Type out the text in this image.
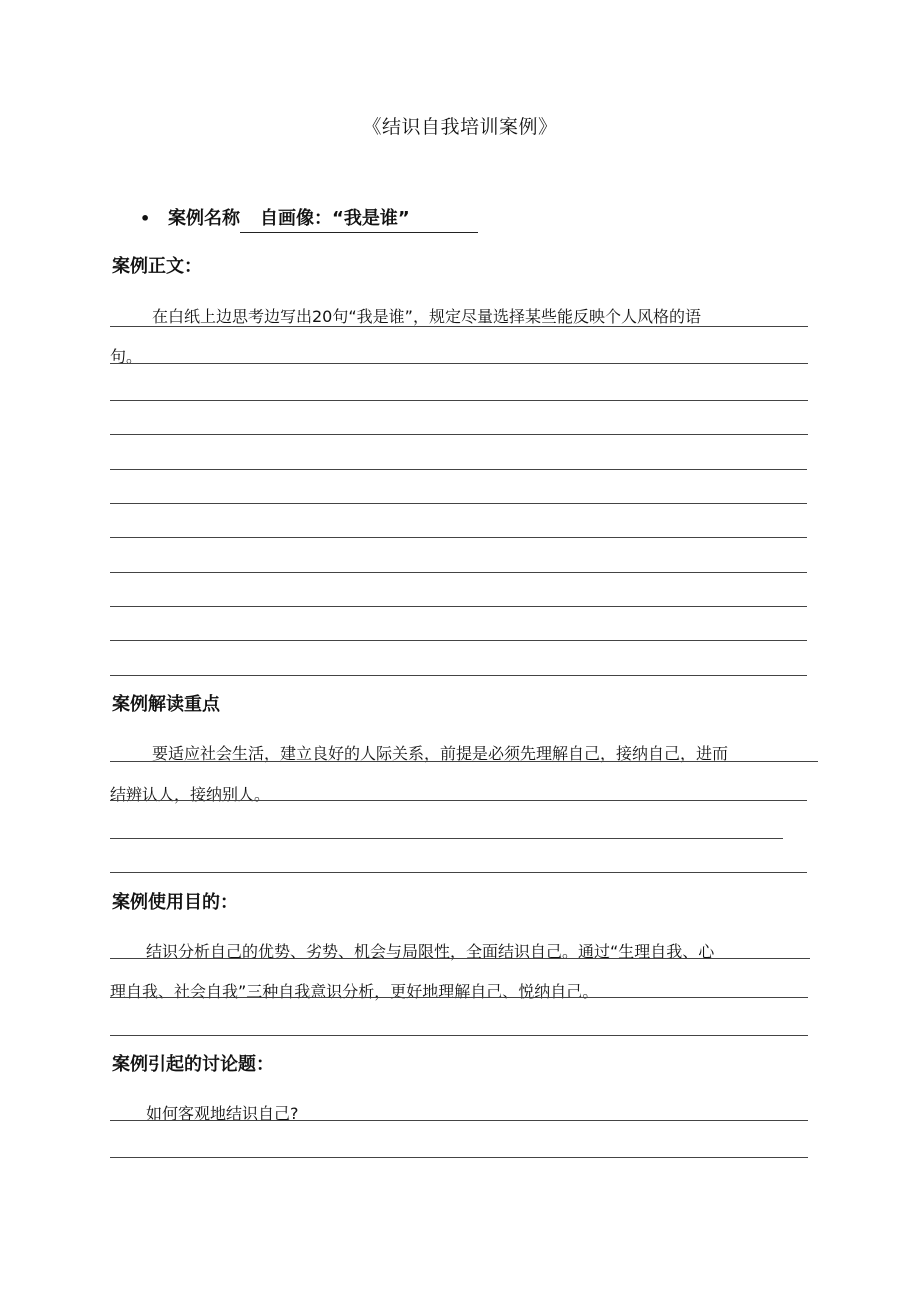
《结识自我培训案例》
• 案例名称	自画像：“我是谁”
案例正文：
在白纸上边思考边写出20句“我是谁”，规定尽量选择某些能反映个人风格的语
句。
案例解读重点
要适应社会生活，建立良好的人际关系，前提是必须先理解自己，接纳自己，进而
结辨认人，接纳别人。
案例使用目的：
结识分析自己的优势、劣势、机会与局限性，全面结识自己。通过“生理自我、心
理自我、社会自我”三种自我意识分析，更好地理解自己、悦纳自己。
案例引起的讨论题：
如何客观地结识自己?
